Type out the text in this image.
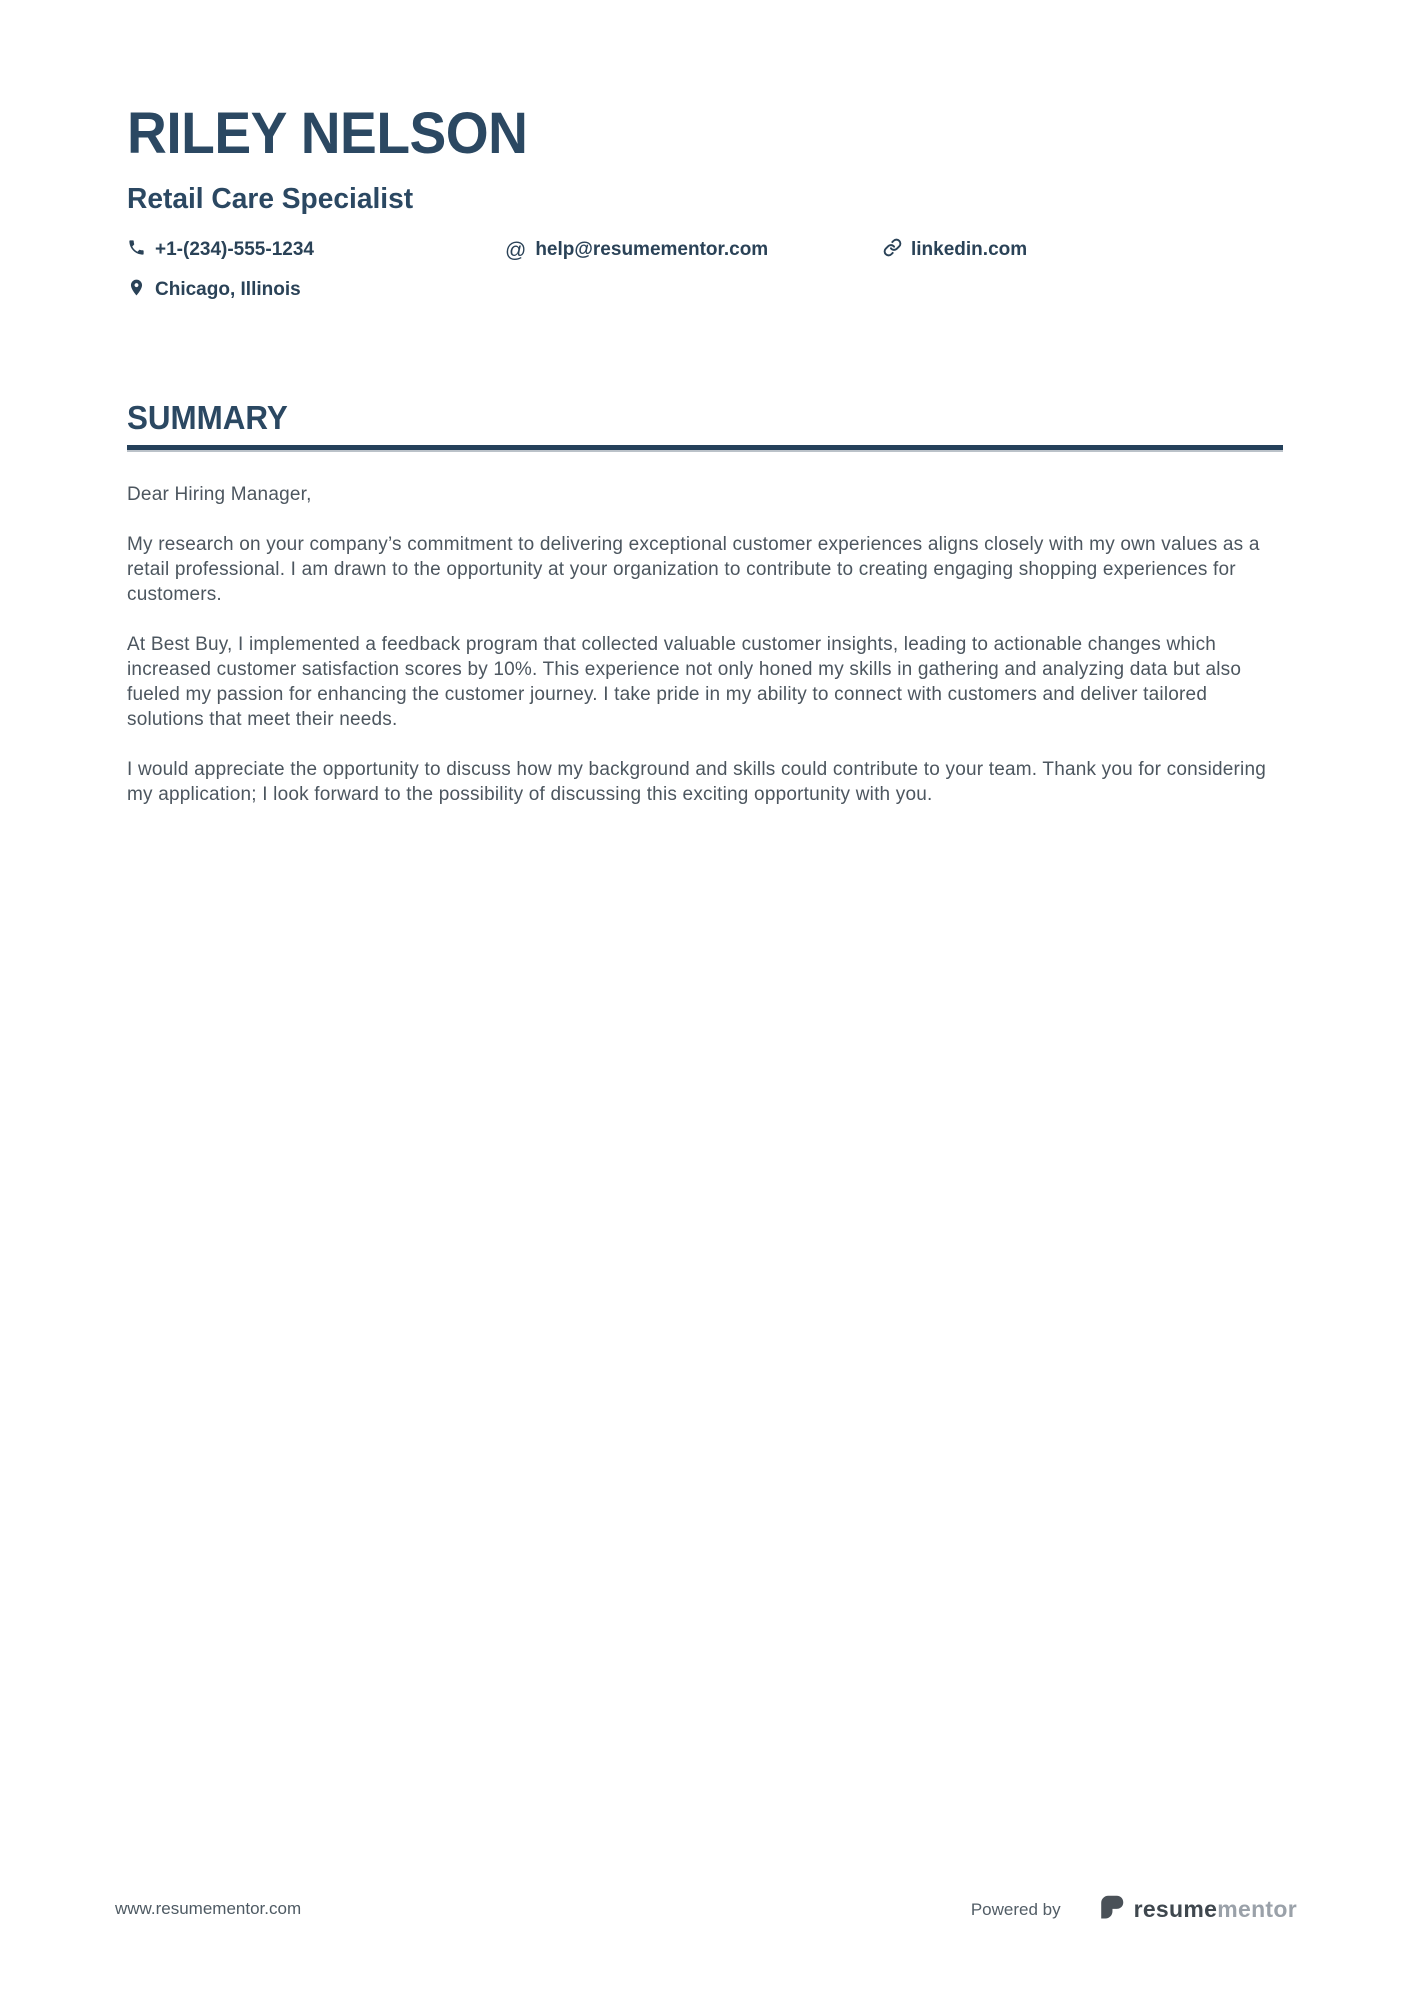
RILEY NELSON
Retail Care Specialist
+1-(234)-555-1234	@ help@resumementor.com	linkedin.com
Chicago, Illinois
SUMMARY

Dear Hiring Manager,

My research on your company’s commitment to delivering exceptional customer experiences aligns closely with my own values as a retail professional. I am drawn to the opportunity at your organization to contribute to creating engaging shopping experiences for customers.

At Best Buy, I implemented a feedback program that collected valuable customer insights, leading to actionable changes which increased customer satisfaction scores by 10%. This experience not only honed my skills in gathering and analyzing data but also fueled my passion for enhancing the customer journey. I take pride in my ability to connect with customers and deliver tailored solutions that meet their needs.

I would appreciate the opportunity to discuss how my background and skills could contribute to your team. Thank you for considering my application; I look forward to the possibility of discussing this exciting opportunity with you.

www.resumementor.com	Powered by	resumementor
